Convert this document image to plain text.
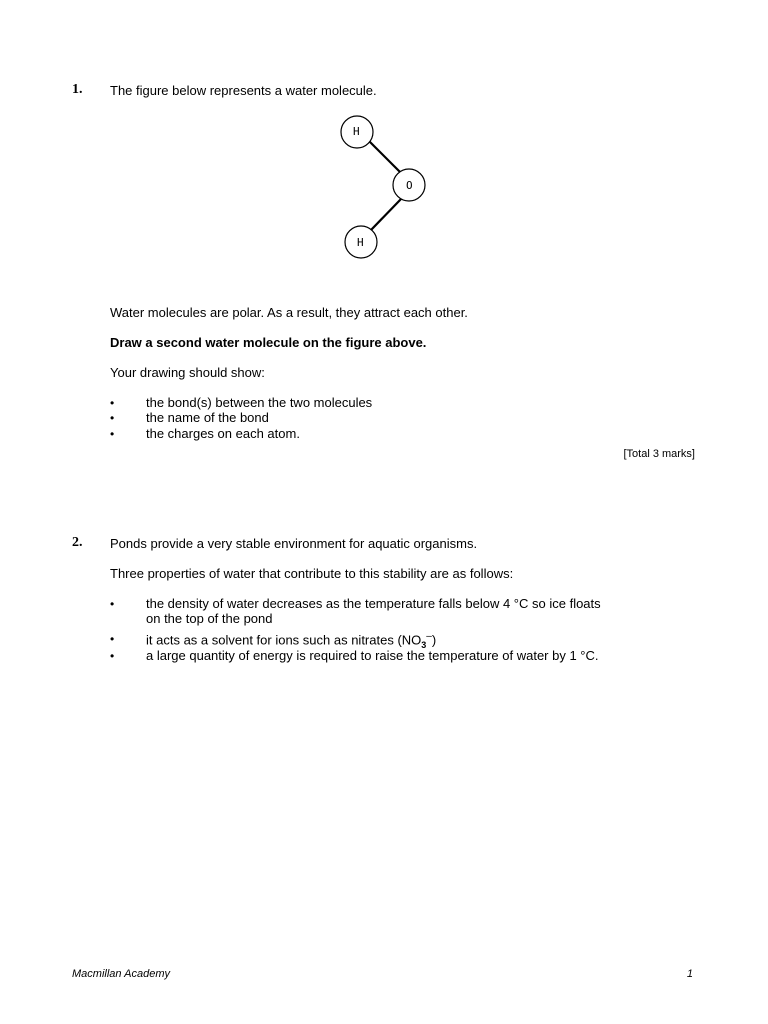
1. The figure below represents a water molecule.
H
O
H
Water molecules are polar. As a result, they attract each other.
Draw a second water molecule on the figure above.
Your drawing should show:
• the bond(s) between the two molecules
• the name of the bond
• the charges on each atom.
[Total 3 marks]
2. Ponds provide a very stable environment for aquatic organisms.
Three properties of water that contribute to this stability are as follows:
• the density of water decreases as the temperature falls below 4 °C so ice floats
on the top of the pond
• it acts as a solvent for ions such as nitrates $(NO_3^-)$
• a large quantity of energy is required to raise the temperature of water by 1 °C.
Macmillan Academy	1
